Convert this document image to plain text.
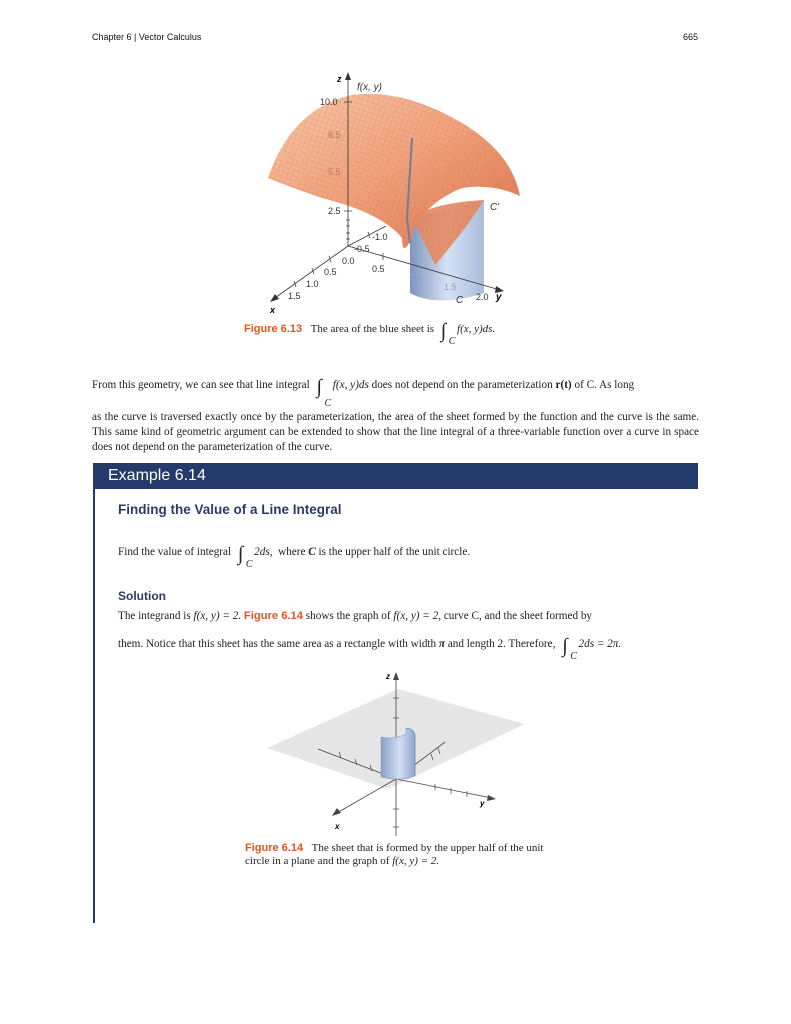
Chapter 6 | Vector Calculus	665
z
f(x, y)
10.0
8.5
5.5
2.5
-1.0
-0.5
0.0
0.5
1.0
1.5
x
0.5
1.0
1.5
2.0 y
C
C'
Figure 6.13 The area of the blue sheet is ∫ C
f(x, y)ds.
From this geometry, we can see that line integral ∫
C
f(x, y)ds does not depend on the parameterization r(t) of C. As long
as the curve is traversed exactly once by the parameterization, the area of the sheet formed by the function and the curve is the same. This same kind of geometric argument can be extended to show that the line integral of a three-variable function over a curve in space does not depend on the parameterization of the curve.
Example 6.14
Finding the Value of a Line Integral
Find the value of integral ∫ C
2ds, where C is the upper half of the unit circle.
Solution
The integrand is f(x, y) = 2. Figure 6.14 shows the graph of f(x, y) = 2, curve C, and the sheet formed by
them. Notice that this sheet has the same area as a rectangle with width π and length 2. Therefore, ∫ C
2ds = 2π.
z
x
y
Figure 6.14 The sheet that is formed by the upper half of the unit circle in a plane and the graph of f(x, y) = 2.
